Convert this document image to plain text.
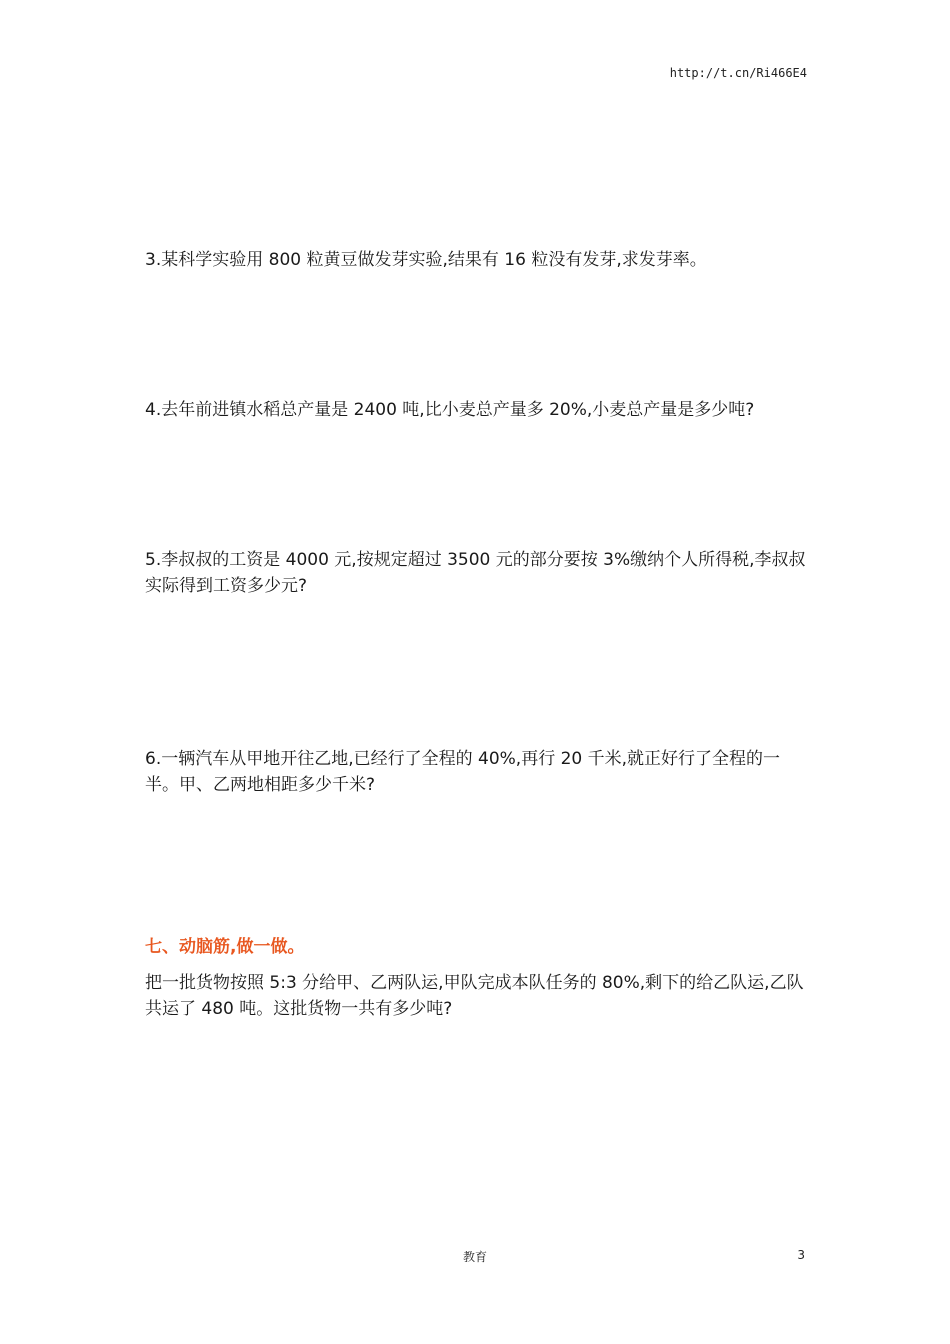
http://t.cn/Ri466E4

3.某科学实验用 800 粒黄豆做发芽实验,结果有 16 粒没有发芽,求发芽率。

4.去年前进镇水稻总产量是 2400 吨,比小麦总产量多 20%,小麦总产量是多少吨?

5.李叔叔的工资是 4000 元,按规定超过 3500 元的部分要按 3%缴纳个人所得税,李叔叔实际得到工资多少元?

6.一辆汽车从甲地开往乙地,已经行了全程的 40%,再行 20 千米,就正好行了全程的一半。甲、乙两地相距多少千米?

七、动脑筋,做一做。

把一批货物按照 5:3 分给甲、乙两队运,甲队完成本队任务的 80%,剩下的给乙队运,乙队共运了 480 吨。这批货物一共有多少吨?

教育	3
